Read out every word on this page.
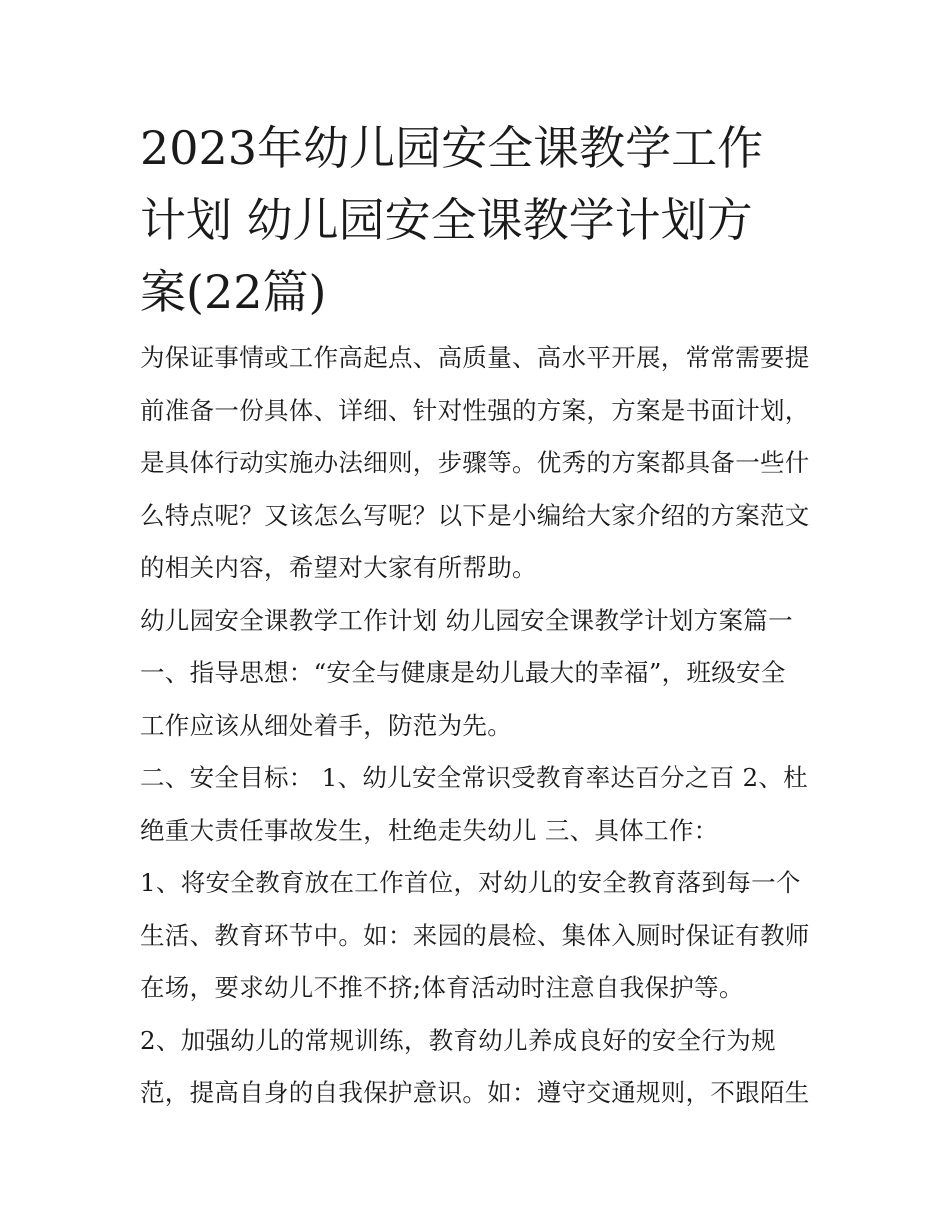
2023年幼儿园安全课教学工作
计划 幼儿园安全课教学计划方
案(22篇)
为保证事情或工作高起点、高质量、高水平开展，常常需要提
前准备一份具体、详细、针对性强的方案，方案是书面计划，
是具体行动实施办法细则，步骤等。优秀的方案都具备一些什
么特点呢？又该怎么写呢？以下是小编给大家介绍的方案范文
的相关内容，希望对大家有所帮助。
幼儿园安全课教学工作计划 幼儿园安全课教学计划方案篇一
一、指导思想：“安全与健康是幼儿最大的幸福”，班级安全
工作应该从细处着手，防范为先。
二、安全目标： 1、幼儿安全常识受教育率达百分之百 2、杜
绝重大责任事故发生，杜绝走失幼儿 三、具体工作：
1、将安全教育放在工作首位，对幼儿的安全教育落到每一个
生活、教育环节中。如：来园的晨检、集体入厕时保证有教师
在场，要求幼儿不推不挤;体育活动时注意自我保护等。
2、加强幼儿的常规训练，教育幼儿养成良好的安全行为规
范，提高自身的自我保护意识。如：遵守交通规则，不跟陌生
